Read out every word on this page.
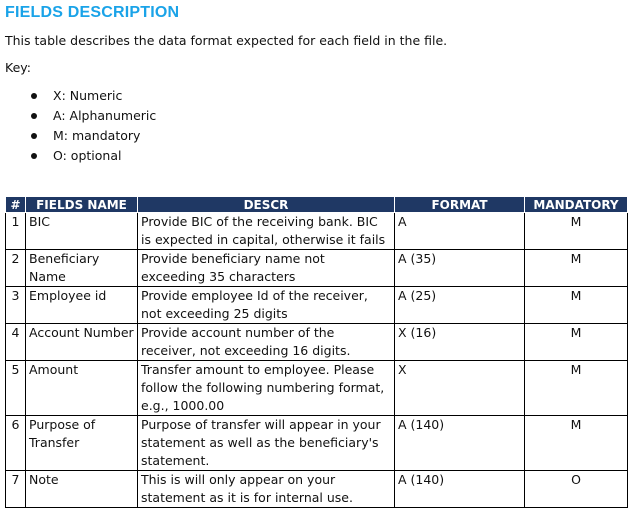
FIELDS DESCRIPTION
This table describes the data format expected for each field in the file.
Key:
X: Numeric
A: Alphanumeric
M: mandatory
O: optional
#	FIELDS NAME	DESCR	FORMAT	MANDATORY
1	BIC	Provide BIC of the receiving bank. BIC is expected in capital, otherwise it fails	A	M
2	Beneficiary Name	Provide beneficiary name not exceeding 35 characters	A (35)	M
3	Employee id	Provide employee Id of the receiver, not exceeding 25 digits	A (25)	M
4	Account Number	Provide account number of the receiver, not exceeding 16 digits.	X (16)	M
5	Amount	Transfer amount to employee. Please follow the following numbering format, e.g., 1000.00	X	M
6	Purpose of Transfer	Purpose of transfer will appear in your statement as well as the beneficiary's statement.	A (140)	M
7	Note	This is will only appear on your statement as it is for internal use.	A (140)	O
